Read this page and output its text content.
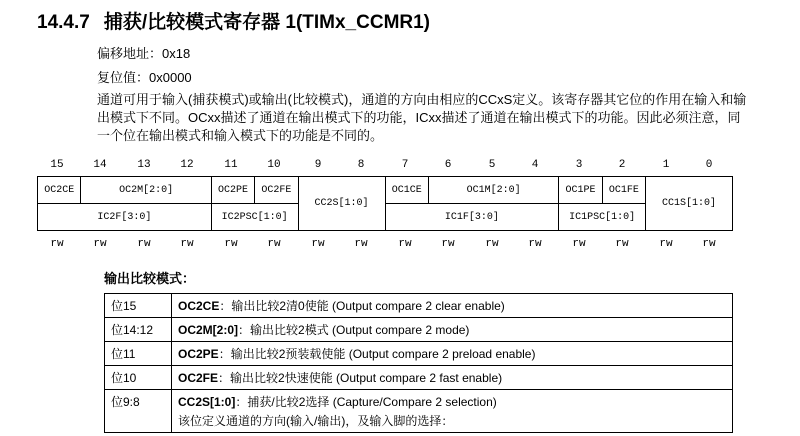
14.4.7 捕获/比较模式寄存器 1(TIMx_CCMR1)
偏移地址：0x18
复位值：0x0000
通道可用于输入(捕获模式)或输出(比较模式)，通道的方向由相应的CCxS定义。该寄存器其它位的作用在输入和输出模式下不同。OCxx描述了通道在输出模式下的功能，ICxx描述了通道在输出模式下的功能。因此必须注意，同一个位在输出模式和输入模式下的功能是不同的。
15	14	13	12	11	10	9	8	7	6	5	4	3	2	1	0
OC2CE	OC2M[2:0]	OC2PE	OC2FE	CC2S[1:0]	OC1CE	OC1M[2:0]	OC1PE	OC1FE	CC1S[1:0]
IC2F[3:0]		IC2PSC[1:0]			IC1F[3:0]		IC1PSC[1:0]		
rw	rw	rw	rw	rw	rw	rw	rw	rw	rw	rw	rw	rw	rw	rw	rw
输出比较模式：
位15	OC2CE：输出比较2清0使能 (Output compare 2 clear enable)
位14:12	OC2M[2:0]：输出比较2模式 (Output compare 2 mode)
位11	OC2PE：输出比较2预装载使能 (Output compare 2 preload enable)
位10	OC2FE：输出比较2快速使能 (Output compare 2 fast enable)
位9:8	CC2S[1:0]：捕获/比较2选择 (Capture/Compare 2 selection)
该位定义通道的方向(输入/输出)，及输入脚的选择：
